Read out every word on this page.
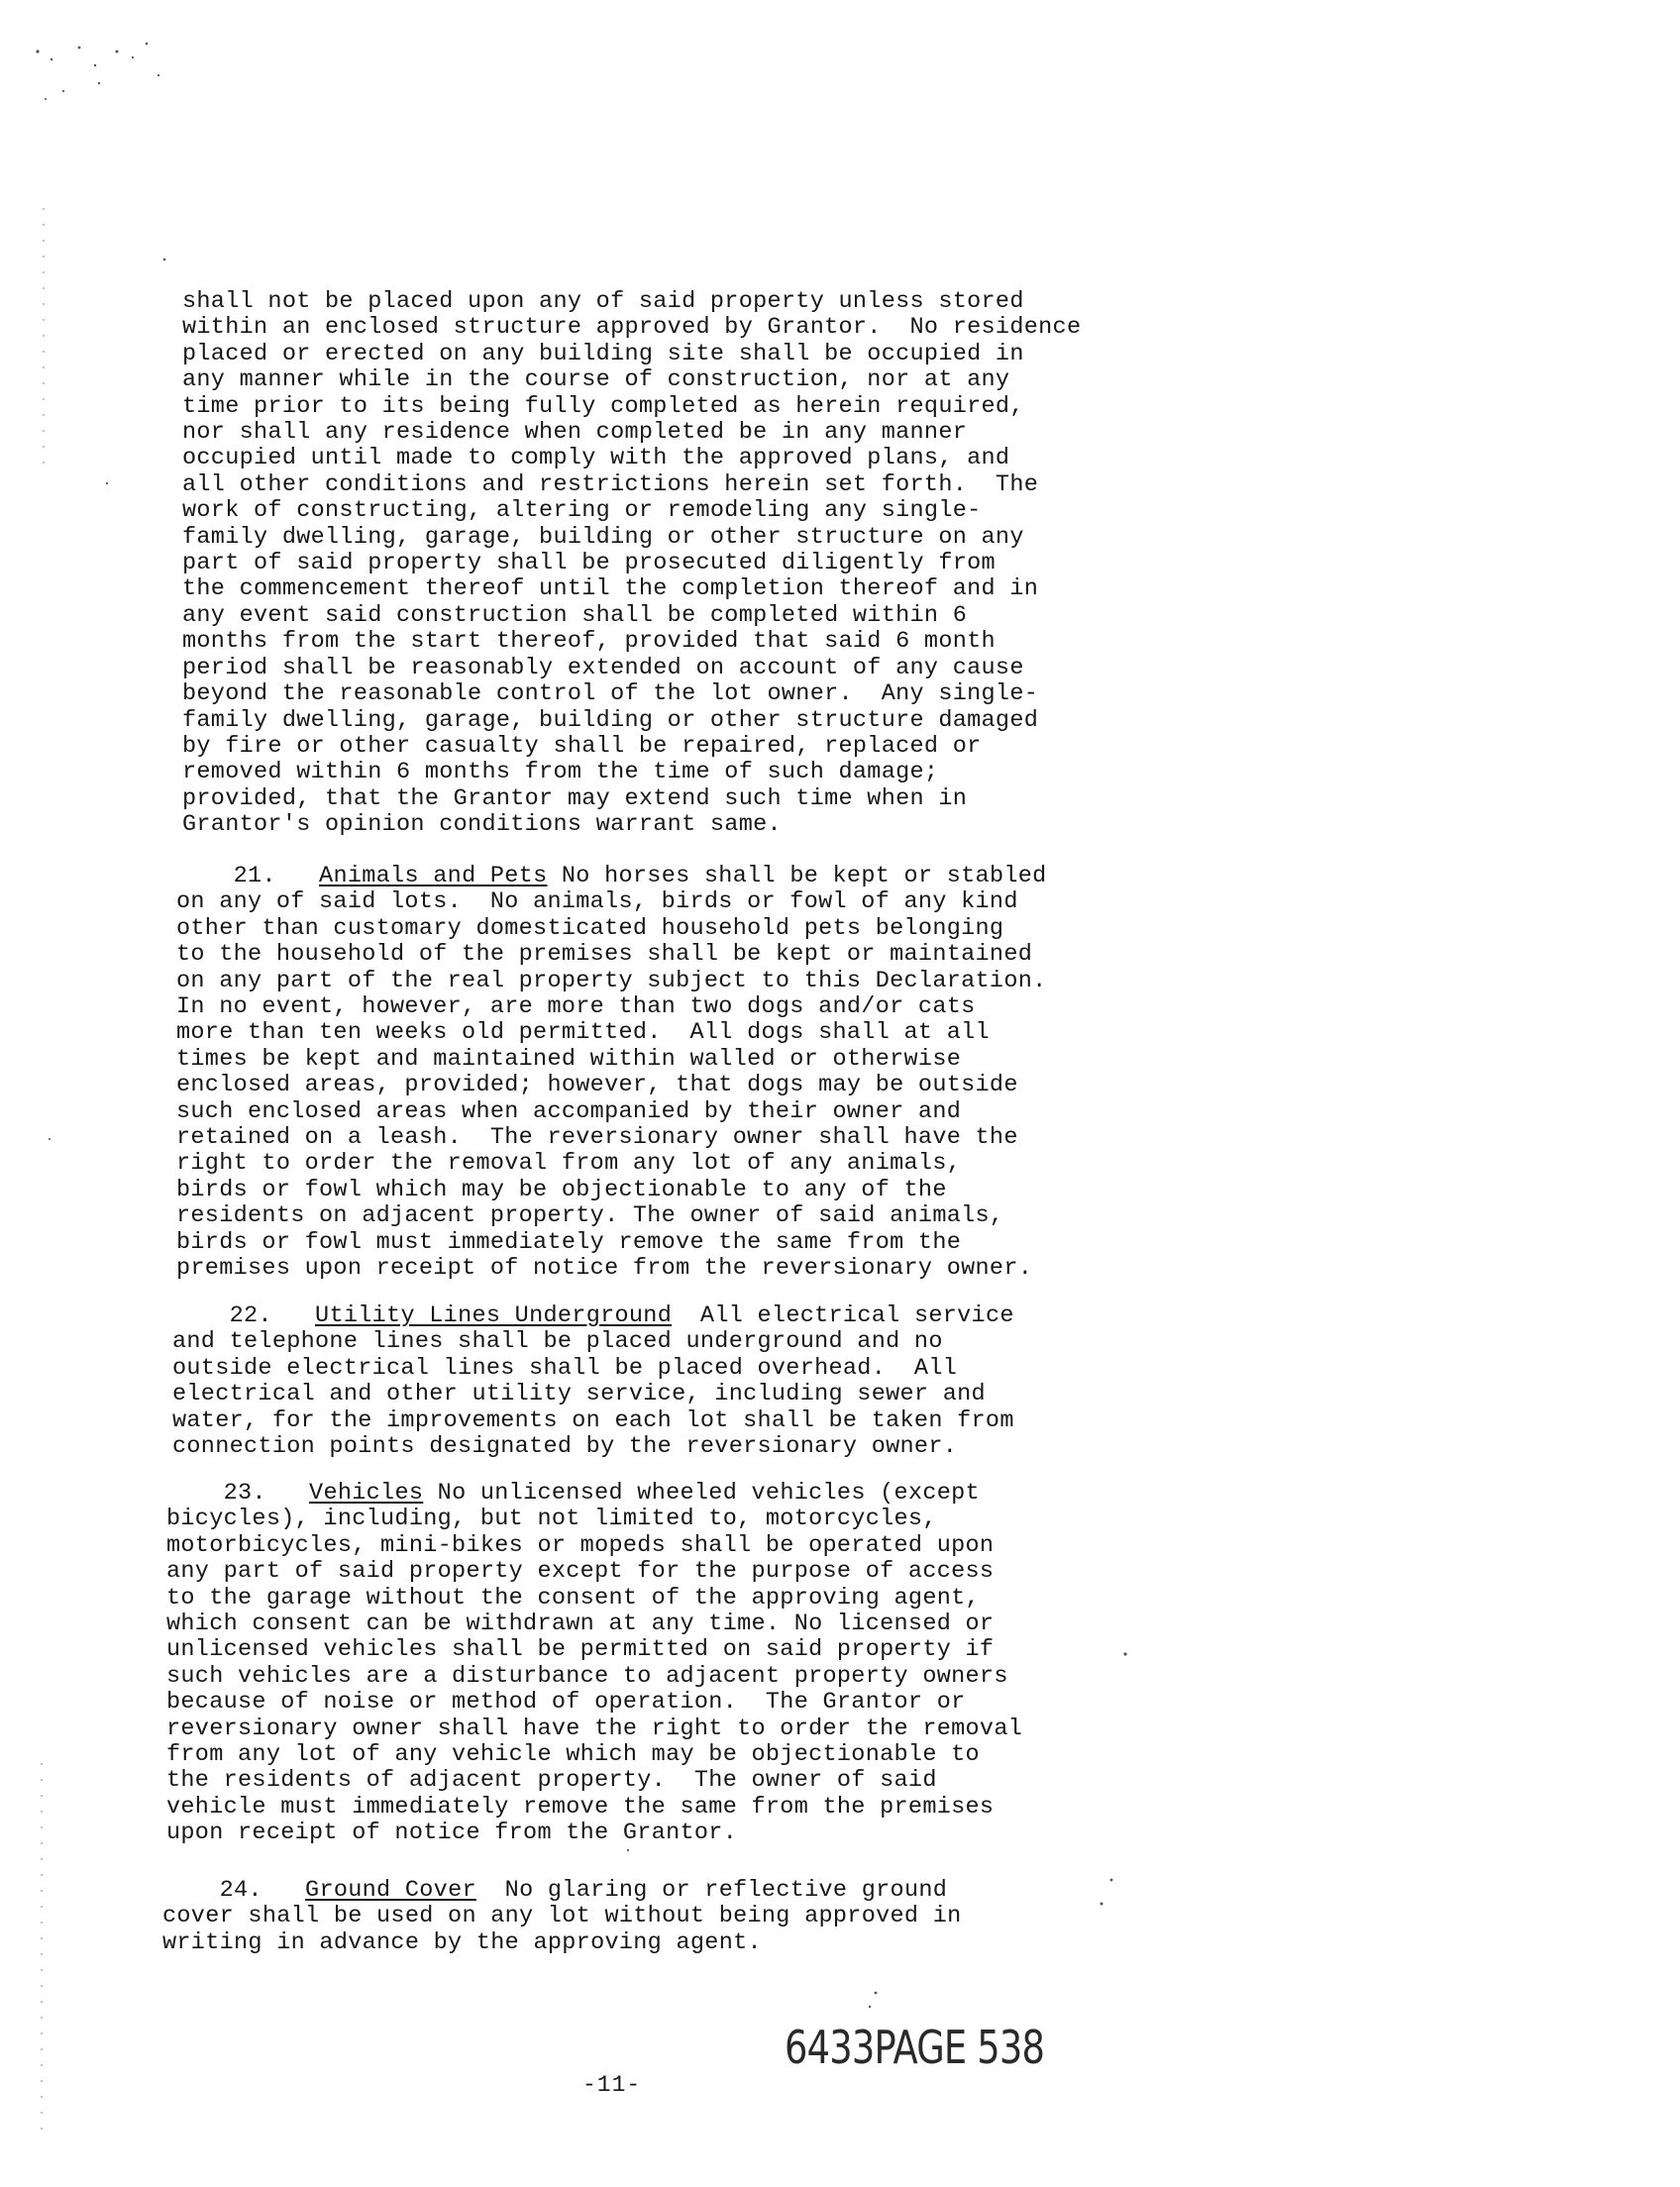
shall not be placed upon any of said property unless stored
within an enclosed structure approved by Grantor.  No residence
placed or erected on any building site shall be occupied in
any manner while in the course of construction, nor at any
time prior to its being fully completed as herein required,
nor shall any residence when completed be in any manner
occupied until made to comply with the approved plans, and
all other conditions and restrictions herein set forth.  The
work of constructing, altering or remodeling any single-
family dwelling, garage, building or other structure on any
part of said property shall be prosecuted diligently from
the commencement thereof until the completion thereof and in
any event said construction shall be completed within 6
months from the start thereof, provided that said 6 month
period shall be reasonably extended on account of any cause
beyond the reasonable control of the lot owner.  Any single-
family dwelling, garage, building or other structure damaged
by fire or other casualty shall be repaired, replaced or
removed within 6 months from the time of such damage;
provided, that the Grantor may extend such time when in
Grantor's opinion conditions warrant same.
21. Animals and Pets No horses shall be kept or stabled
on any of said lots.  No animals, birds or fowl of any kind
other than customary domesticated household pets belonging
to the household of the premises shall be kept or maintained
on any part of the real property subject to this Declaration.
In no event, however, are more than two dogs and/or cats
more than ten weeks old permitted.  All dogs shall at all
times be kept and maintained within walled or otherwise
enclosed areas, provided; however, that dogs may be outside
such enclosed areas when accompanied by their owner and
retained on a leash.  The reversionary owner shall have the
right to order the removal from any lot of any animals,
birds or fowl which may be objectionable to any of the
residents on adjacent property. The owner of said animals,
birds or fowl must immediately remove the same from the
premises upon receipt of notice from the reversionary owner.
22. Utility Lines Underground  All electrical service
and telephone lines shall be placed underground and no
outside electrical lines shall be placed overhead.  All
electrical and other utility service, including sewer and
water, for the improvements on each lot shall be taken from
connection points designated by the reversionary owner.
23. Vehicles No unlicensed wheeled vehicles (except
bicycles), including, but not limited to, motorcycles,
motorbicycles, mini-bikes or mopeds shall be operated upon
any part of said property except for the purpose of access
to the garage without the consent of the approving agent,
which consent can be withdrawn at any time. No licensed or
unlicensed vehicles shall be permitted on said property if
such vehicles are a disturbance to adjacent property owners
because of noise or method of operation.  The Grantor or
reversionary owner shall have the right to order the removal
from any lot of any vehicle which may be objectionable to
the residents of adjacent property.  The owner of said
vehicle must immediately remove the same from the premises
upon receipt of notice from the Grantor.
24. Ground Cover  No glaring or reflective ground
cover shall be used on any lot without being approved in
writing in advance by the approving agent.
6433PAGE 538
-11-
